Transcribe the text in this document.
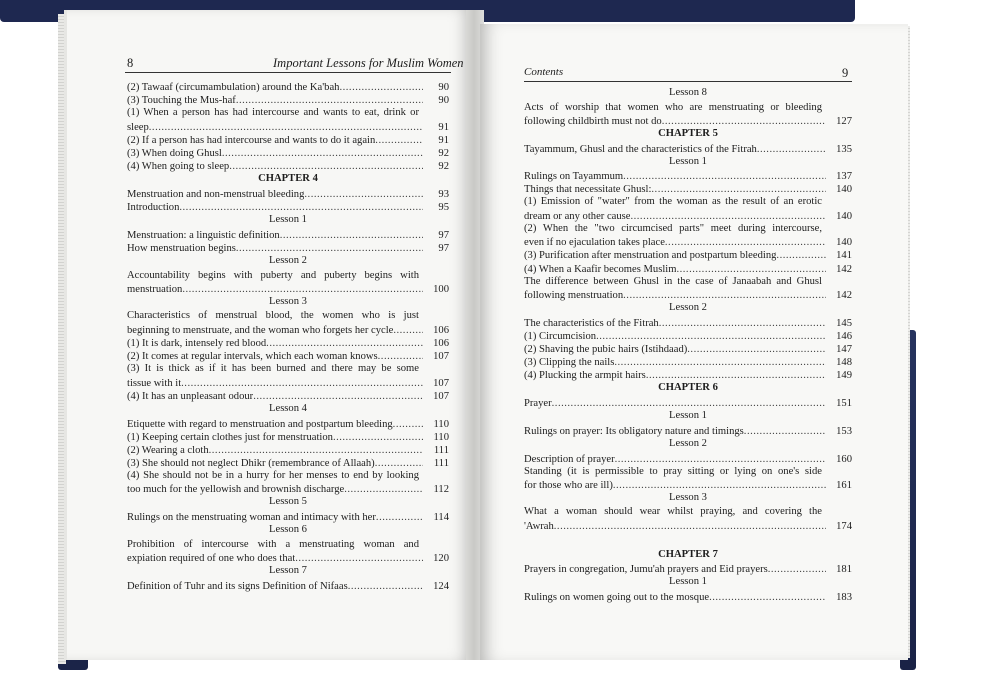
8	Important Lessons for Muslim Women
(2) Tawaaf (circumambulation) around the Ka'bah .....	90
(3) Touching the Mus-haf .....	90
(1) When a person has had intercourse and wants to eat, drink or
sleep .....	91
(2) If a person has had intercourse and wants to do it again .....	91
(3) When doing Ghusl .....	92
(4) When going to sleep .....	92
CHAPTER 4
Menstruation and non-menstrual bleeding .....	93
Introduction .....	95
Lesson 1
Menstruation: a linguistic definition .....	97
How menstruation begins .....	97
Lesson 2
Accountability begins with puberty and puberty begins with
menstruation .....	100
Lesson 3
Characteristics of menstrual blood, the women who is just
beginning to menstruate, and the woman who forgets her cycle .....	106
(1) It is dark, intensely red blood .....	106
(2) It comes at regular intervals, which each woman knows .....	107
(3) It is thick as if it has been burned and there may be some
tissue with it .....	107
(4) It has an unpleasant odour .....	107
Lesson 4
Etiquette with regard to menstruation and postpartum bleeding .....	110
(1) Keeping certain clothes just for menstruation .....	110
(2) Wearing a cloth .....	111
(3) She should not neglect Dhikr (remembrance of Allaah) .....	111
(4) She should not be in a hurry for her menses to end by looking
too much for the yellowish and brownish discharge .....	112
Lesson 5
Rulings on the menstruating woman and intimacy with her .....	114
Lesson 6
Prohibition of intercourse with a menstruating woman and
expiation required of one who does that .....	120
Lesson 7
Definition of Tuhr and its signs Definition of Nifaas .....	124
Contents	9
Lesson 8
Acts of worship that women who are menstruating or bleeding
following childbirth must not do .....	127
CHAPTER 5
Tayammum, Ghusl and the characteristics of the Fitrah .....	135
Lesson 1
Rulings on Tayammum .....	137
Things that necessitate Ghusl: .....	140
(1) Emission of "water" from the woman as the result of an erotic
dream or any other cause .....	140
(2) When the "two circumcised parts" meet during intercourse,
even if no ejaculation takes place .....	140
(3) Purification after menstruation and postpartum bleeding .....	141
(4) When a Kaafir becomes Muslim .....	142
The difference between Ghusl in the case of Janaabah and Ghusl
following menstruation .....	142
Lesson 2
The characteristics of the Fitrah .....	145
(1) Circumcision .....	146
(2) Shaving the pubic hairs (Istihdaad) .....	147
(3) Clipping the nails .....	148
(4) Plucking the armpit hairs .....	149
CHAPTER 6
Prayer .....	151
Lesson 1
Rulings on prayer: Its obligatory nature and timings .....	153
Lesson 2
Description of prayer .....	160
Standing (it is permissible to pray sitting or lying on one's side
for those who are ill) .....	161
Lesson 3
What a woman should wear whilst praying, and covering the
'Awrah .....	174
CHAPTER 7
Prayers in congregation, Jumu'ah prayers and Eid prayers .....	181
Lesson 1
Rulings on women going out to the mosque .....	183
